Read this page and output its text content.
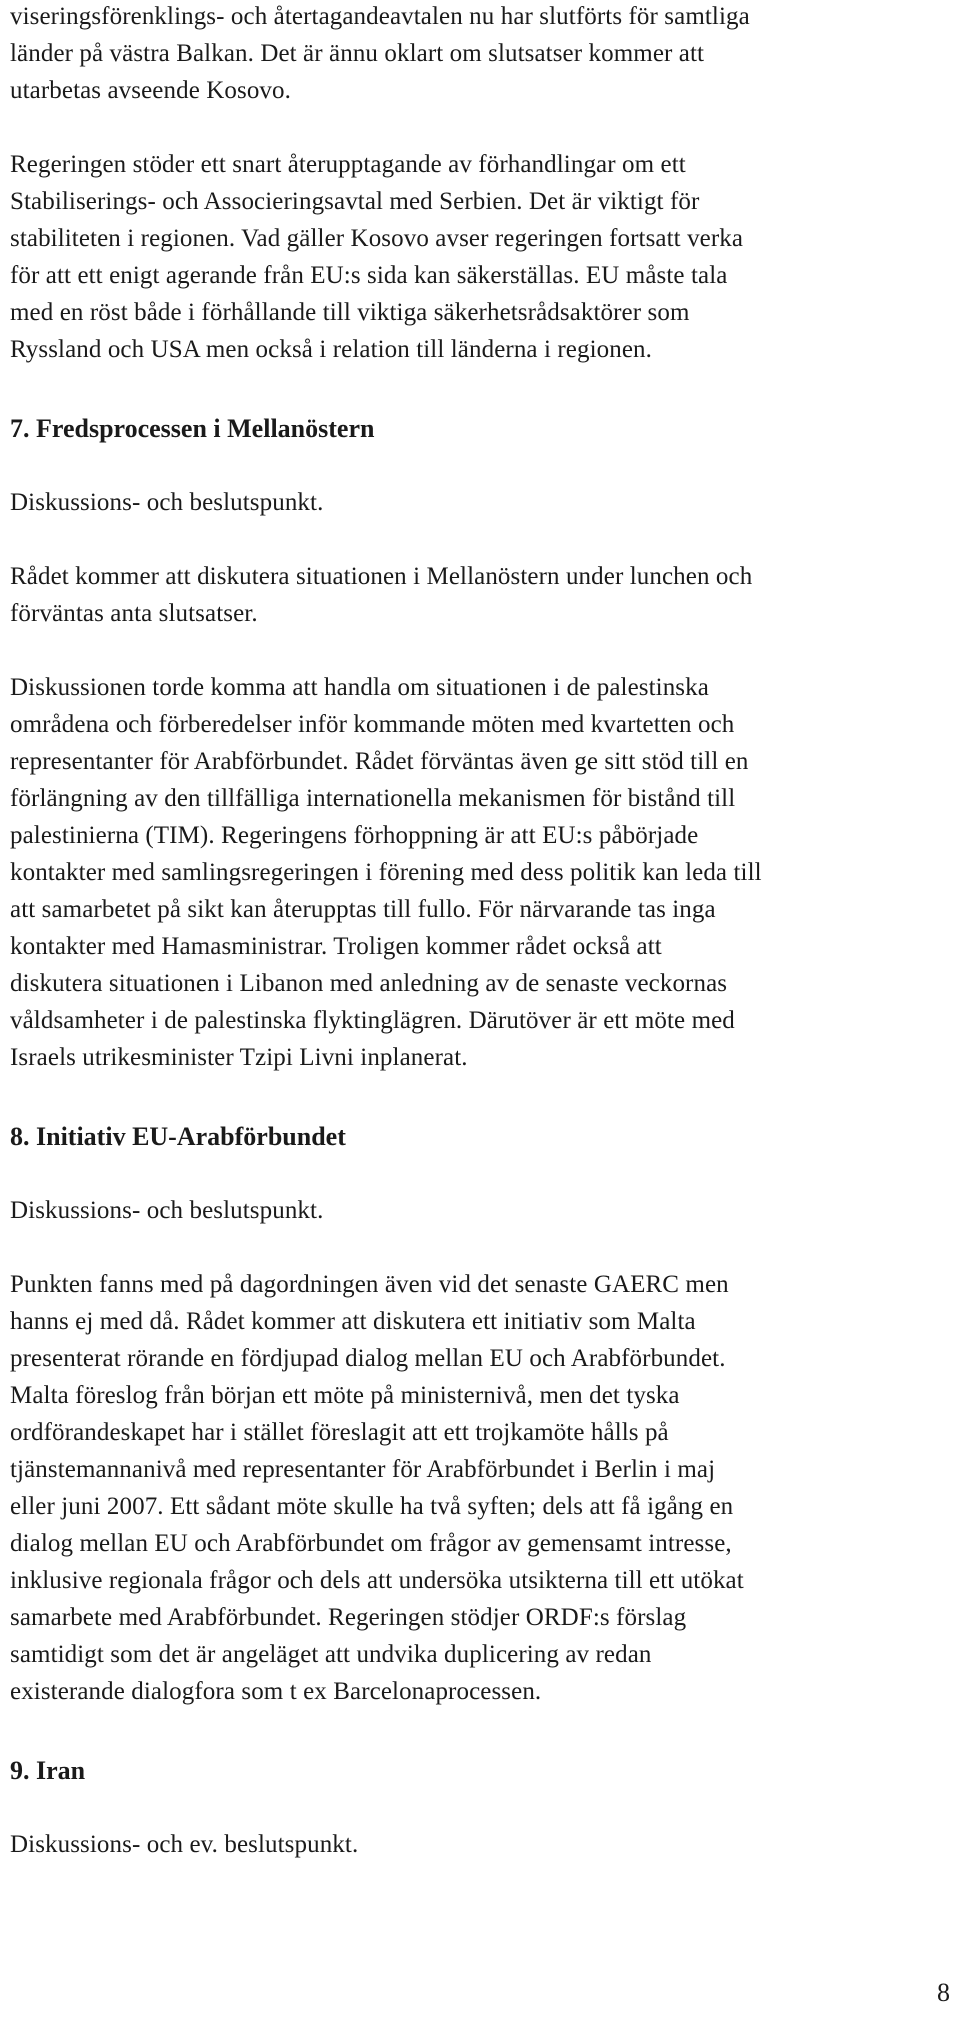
viseringsförenklings- och återtagandeavtalen nu har slutförts för samtliga
länder på västra Balkan. Det är ännu oklart om slutsatser kommer att
utarbetas avseende Kosovo.
Regeringen stöder ett snart återupptagande av förhandlingar om ett
Stabiliserings- och Associeringsavtal med Serbien. Det är viktigt för
stabiliteten i regionen. Vad gäller Kosovo avser regeringen fortsatt verka
för att ett enigt agerande från EU:s sida kan säkerställas. EU måste tala
med en röst både i förhållande till viktiga säkerhetsrådsaktörer som
Ryssland och USA men också i relation till länderna i regionen.
7. Fredsprocessen i Mellanöstern
Diskussions- och beslutspunkt.
Rådet kommer att diskutera situationen i Mellanöstern under lunchen och
förväntas anta slutsatser.
Diskussionen torde komma att handla om situationen i de palestinska
områdena och förberedelser inför kommande möten med kvartetten och
representanter för Arabförbundet. Rådet förväntas även ge sitt stöd till en
förlängning av den tillfälliga internationella mekanismen för bistånd till
palestinierna (TIM). Regeringens förhoppning är att EU:s påbörjade
kontakter med samlingsregeringen i förening med dess politik kan leda till
att samarbetet på sikt kan återupptas till fullo. För närvarande tas inga
kontakter med Hamasministrar. Troligen kommer rådet också att
diskutera situationen i Libanon med anledning av de senaste veckornas
våldsamheter i de palestinska flyktinglägren. Därutöver är ett möte med
Israels utrikesminister Tzipi Livni inplanerat.
8. Initiativ EU-Arabförbundet
Diskussions- och beslutspunkt.
Punkten fanns med på dagordningen även vid det senaste GAERC men
hanns ej med då. Rådet kommer att diskutera ett initiativ som Malta
presenterat rörande en fördjupad dialog mellan EU och Arabförbundet.
Malta föreslog från början ett möte på ministernivå, men det tyska
ordförandeskapet har i stället föreslagit att ett trojkamöte hålls på
tjänstemannanivå med representanter för Arabförbundet i Berlin i maj
eller juni 2007. Ett sådant möte skulle ha två syften; dels att få igång en
dialog mellan EU och Arabförbundet om frågor av gemensamt intresse,
inklusive regionala frågor och dels att undersöka utsikterna till ett utökat
samarbete med Arabförbundet. Regeringen stödjer ORDF:s förslag
samtidigt som det är angeläget att undvika duplicering av redan
existerande dialogfora som t ex Barcelonaprocessen.
9. Iran
Diskussions- och ev. beslutspunkt.
8
